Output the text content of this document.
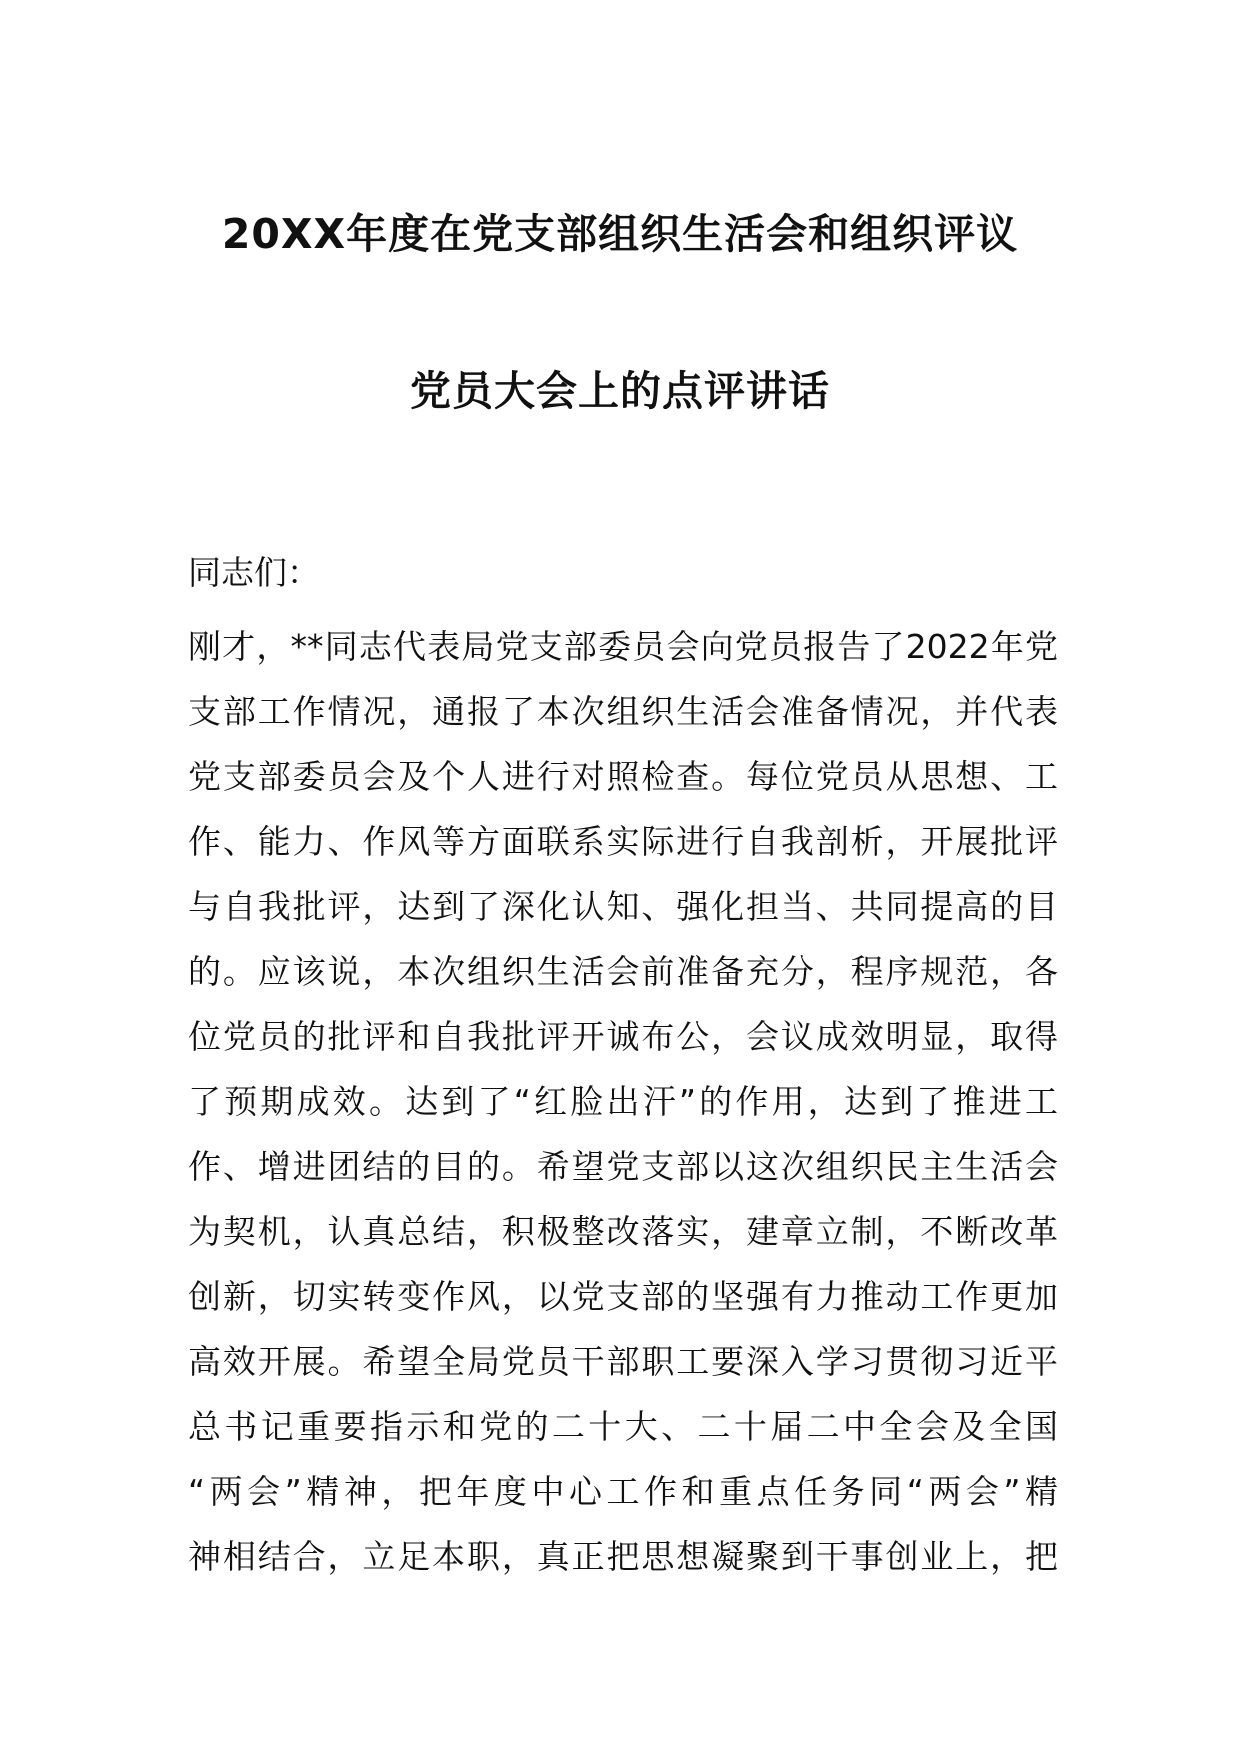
20XX年度在党支部组织生活会和组织评议
党员大会上的点评讲话
同志们：
刚才，**同志代表局党支部委员会向党员报告了2022年党
支部工作情况，通报了本次组织生活会准备情况，并代表
党支部委员会及个人进行对照检查。每位党员从思想、工
作、能力、作风等方面联系实际进行自我剖析，开展批评
与自我批评，达到了深化认知、强化担当、共同提高的目
的。应该说，本次组织生活会前准备充分，程序规范，各
位党员的批评和自我批评开诚布公，会议成效明显，取得
了预期成效。达到了“红脸出汗”的作用，达到了推进工
作、增进团结的目的。希望党支部以这次组织民主生活会
为契机，认真总结，积极整改落实，建章立制，不断改革
创新，切实转变作风，以党支部的坚强有力推动工作更加
高效开展。希望全局党员干部职工要深入学习贯彻习近平
总书记重要指示和党的二十大、二十届二中全会及全国
“两会”精神，把年度中心工作和重点任务同“两会”精
神相结合，立足本职，真正把思想凝聚到干事创业上，把
